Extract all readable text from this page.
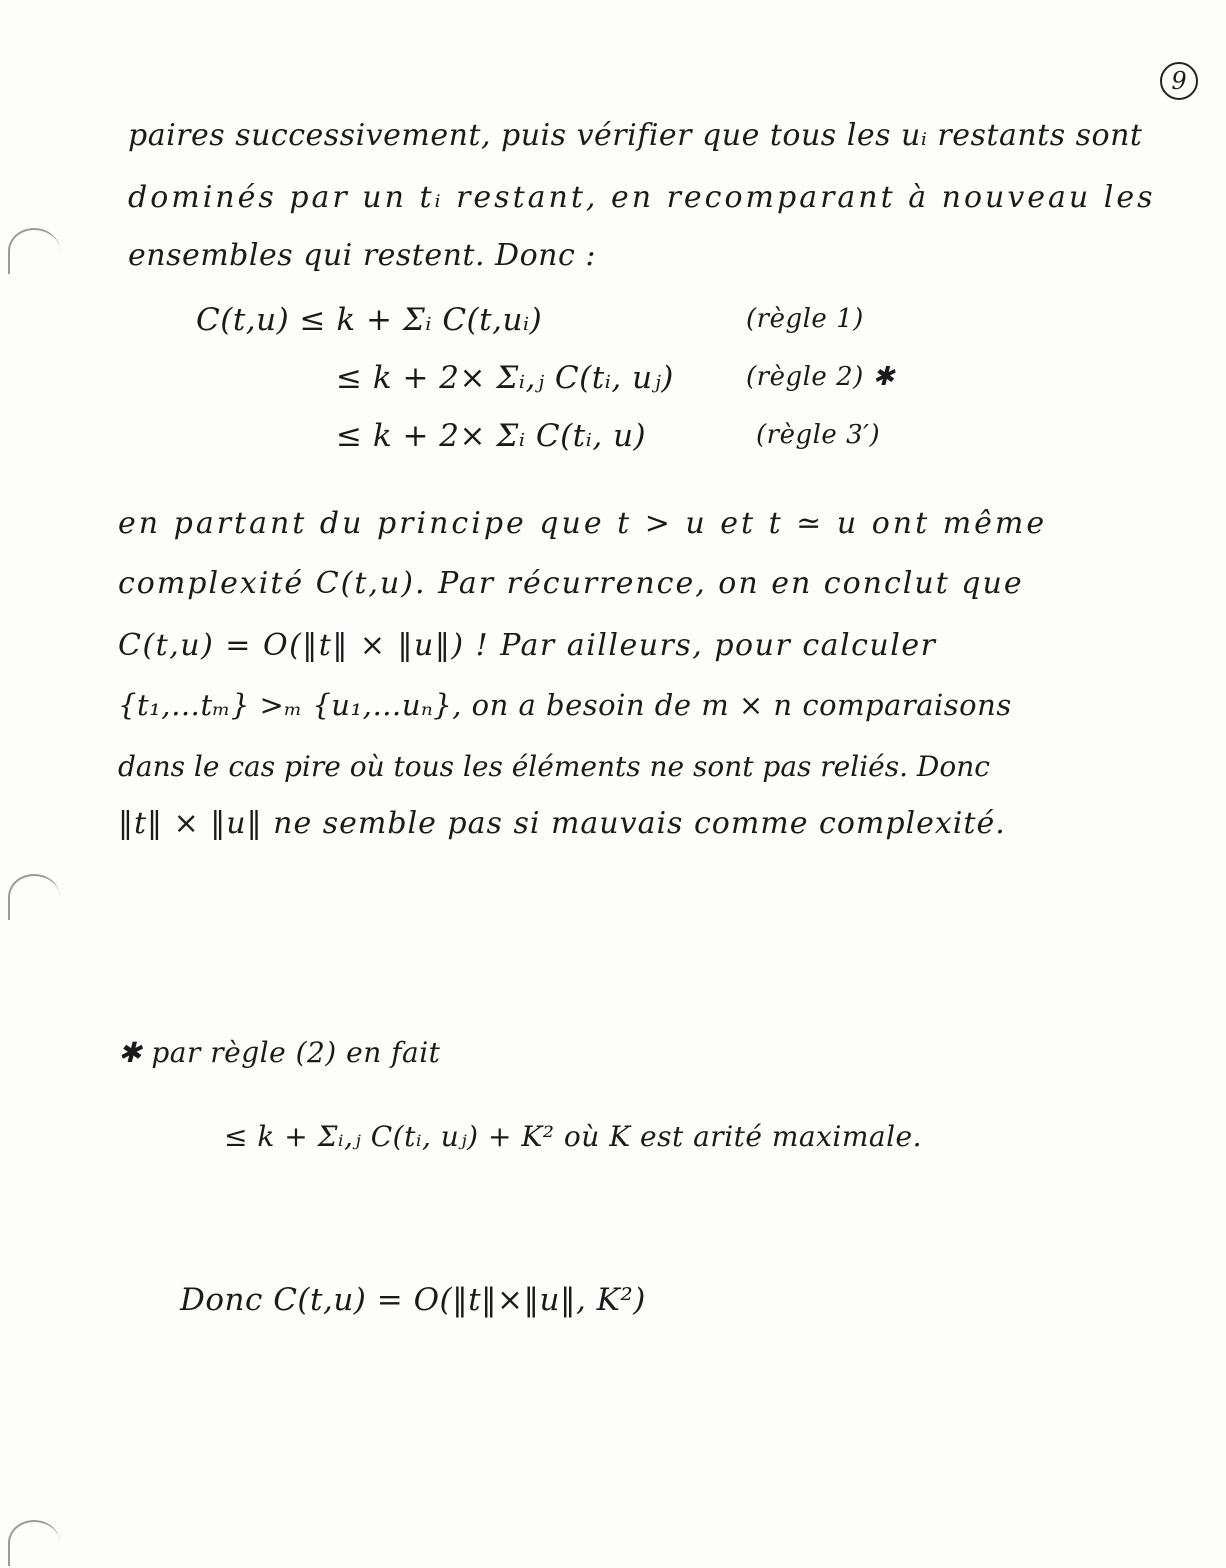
9
paires successivement, puis vérifier que tous les uᵢ restants sont
dominés par un tᵢ restant, en recomparant à nouveau les
ensembles qui restent. Donc :
C(t,u) ≤ k + Σᵢ C(t,uᵢ)	(règle 1)
≤ k + 2× Σᵢ,ⱼ C(tᵢ, uⱼ)	(règle 2) ✱
≤ k + 2× Σᵢ C(tᵢ, u)	(règle 3′)
en partant du principe que t > u et t ≃ u ont même
complexité C(t,u). Par récurrence, on en conclut que
C(t,u) = O(‖t‖ × ‖u‖) ! Par ailleurs, pour calculer
{t₁,…tₘ} >ₘ {u₁,…uₙ}, on a besoin de m × n comparaisons
dans le cas pire où tous les éléments ne sont pas reliés. Donc
‖t‖ × ‖u‖ ne semble pas si mauvais comme complexité.
✱ par règle (2) en fait
≤ k + Σᵢ,ⱼ C(tᵢ, uⱼ) + K² où K est arité maximale.
Donc C(t,u) = O(‖t‖×‖u‖, K²)
